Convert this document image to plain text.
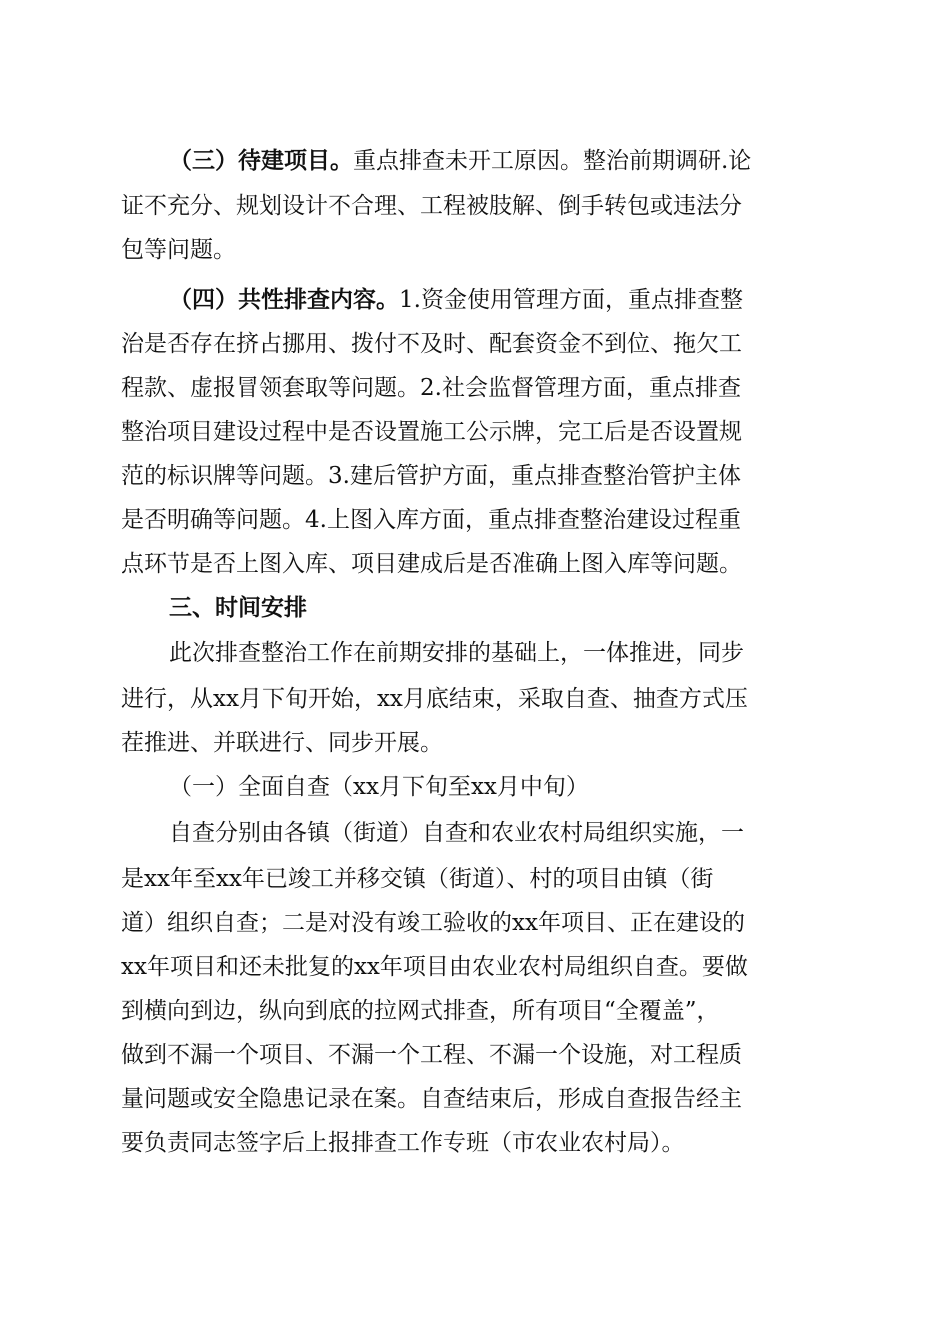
（三）待建项目。重点排查未开工原因。整治前期调研.论
证不充分、规划设计不合理、工程被肢解、倒手转包或违法分
包等问题。
（四）共性排查内容。1.资金使用管理方面，重点排查整
治是否存在挤占挪用、拨付不及时、配套资金不到位、拖欠工
程款、虚报冒领套取等问题。2.社会监督管理方面，重点排查
整治项目建设过程中是否设置施工公示牌，完工后是否设置规
范的标识牌等问题。3.建后管护方面，重点排查整治管护主体
是否明确等问题。4.上图入库方面，重点排查整治建设过程重
点环节是否上图入库、项目建成后是否准确上图入库等问题。
三、时间安排
此次排查整治工作在前期安排的基础上，一体推进，同步
进行，从xx月下旬开始，xx月底结束，采取自查、抽查方式压
茬推进、并联进行、同步开展。
（一）全面自查（xx月下旬至xx月中旬）
自查分别由各镇（街道）自查和农业农村局组织实施，一
是xx年至xx年已竣工并移交镇（街道）、村的项目由镇（街
道）组织自查；二是对没有竣工验收的xx年项目、正在建设的
xx年项目和还未批复的xx年项目由农业农村局组织自查。要做
到横向到边，纵向到底的拉网式排查，所有项目“全覆盖”，
做到不漏一个项目、不漏一个工程、不漏一个设施，对工程质
量问题或安全隐患记录在案。自查结束后，形成自查报告经主
要负责同志签字后上报排查工作专班（市农业农村局）。
